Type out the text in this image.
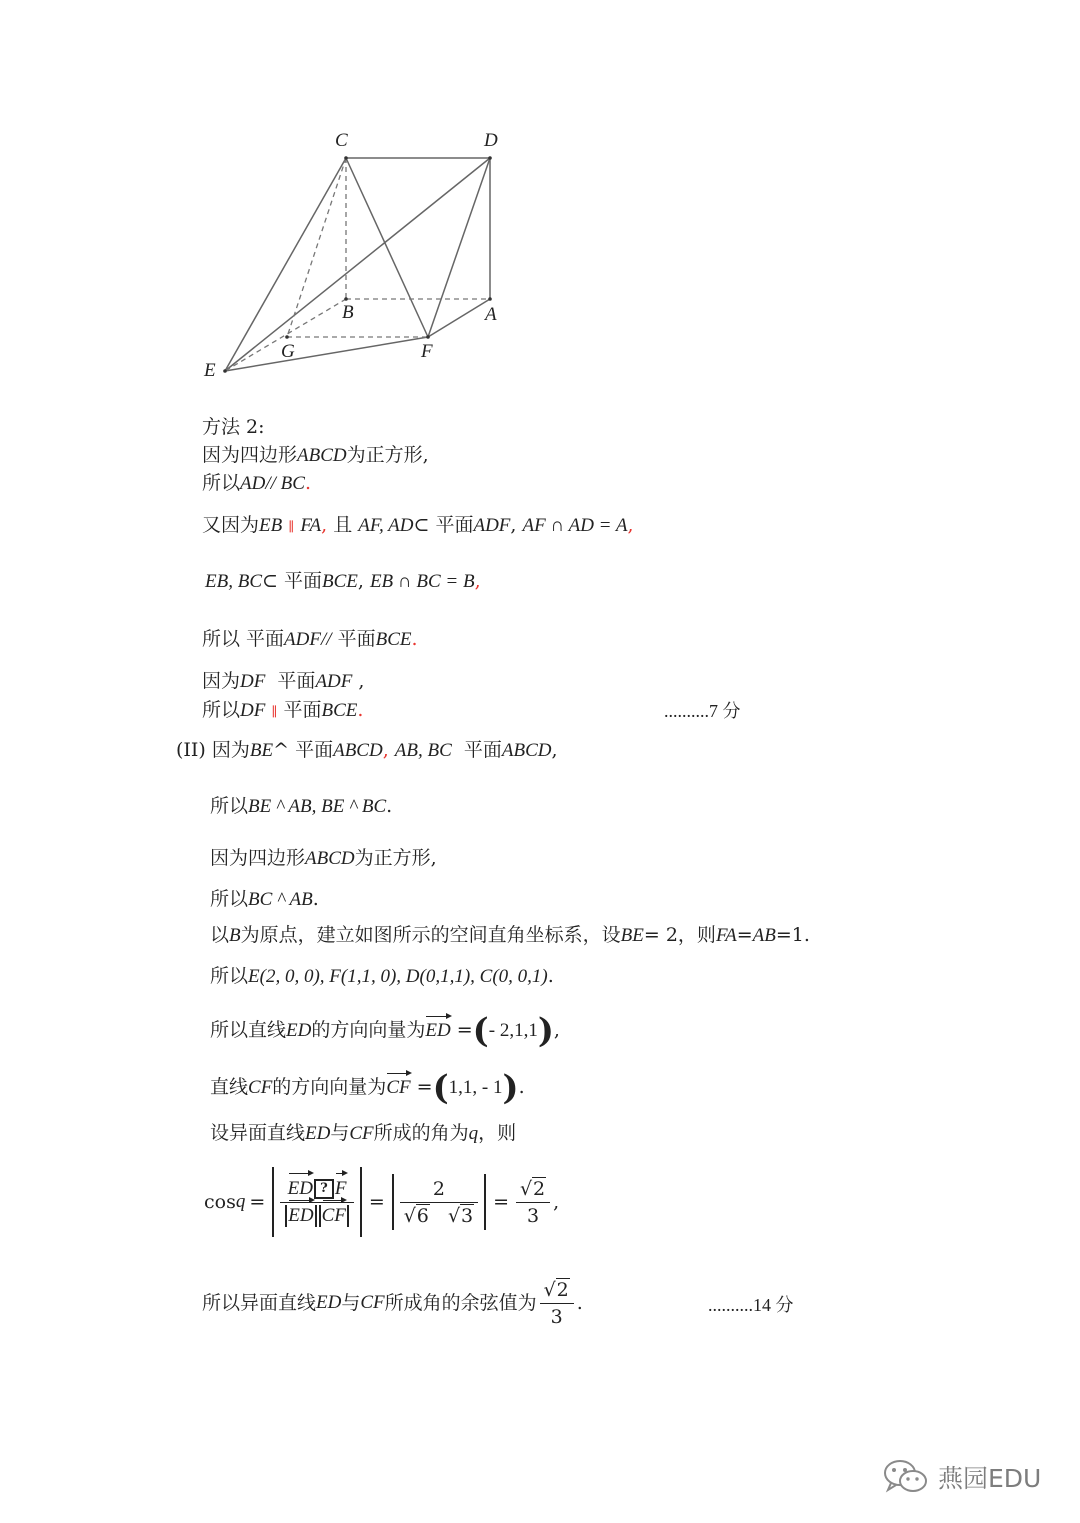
C	D
B	A
G	F
E
方法 2:
因为四边形ABCD为正方形,
所以AD// BC.
又因为EB ∥ FA, 且 AF, AD⊂ 平面ADF, AF ∩ AD = A,
EB, BC⊂ 平面BCE, EB ∩ BC = B,
所以 平面ADF// 平面BCE.
因为DF  平面ADF ,
所以DF ∥ 平面BCE.	..........7 分
(II) 因为BE^ 平面ABCD, AB, BC  平面ABCD,
所以BE ^ AB, BE ^ BC.
因为四边形ABCD为正方形,
所以BC ^ AB.
以B为原点，建立如图所示的空间直角坐标系，设BE= 2，则FA=AB=1.
所以E(2, 0, 0), F(1,1, 0), D(0,1,1), C(0, 0,1).
所以直线ED的方向向量为ED =(- 2,1,1),
直线CF的方向向量为CF =(1,1, - 1).
设异面直线ED与CF所成的角为q，则
$\cos q = \frac{ED ? F}{\text{ED CF}} = 2$
√ 6 √ 3 = √ $\frac{2}{3}$ ,
所以异面直线 ED 与 CF 所成角的余弦值为 √ $\frac{2}{3}$ .	..........14 分
燕园EDU
